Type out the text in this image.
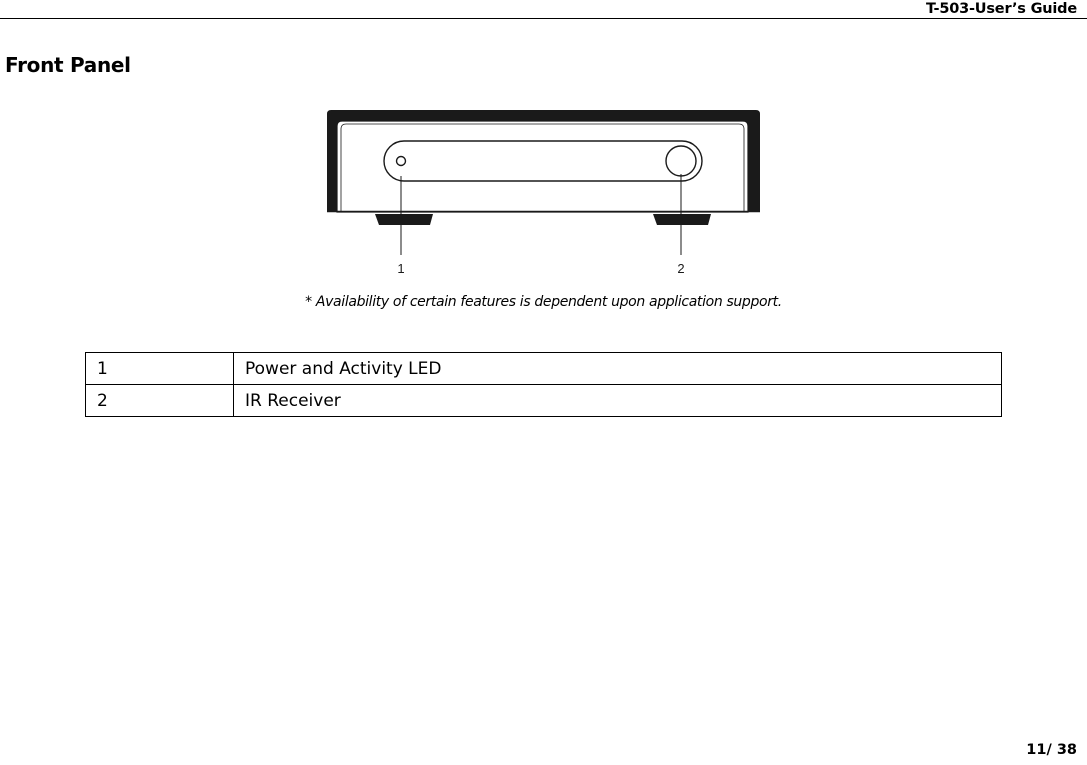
T-503-User’s Guide
Front Panel
1	2
* Availability of certain features is dependent upon application support.
1	Power and Activity LED
2	IR Receiver
11/ 38
